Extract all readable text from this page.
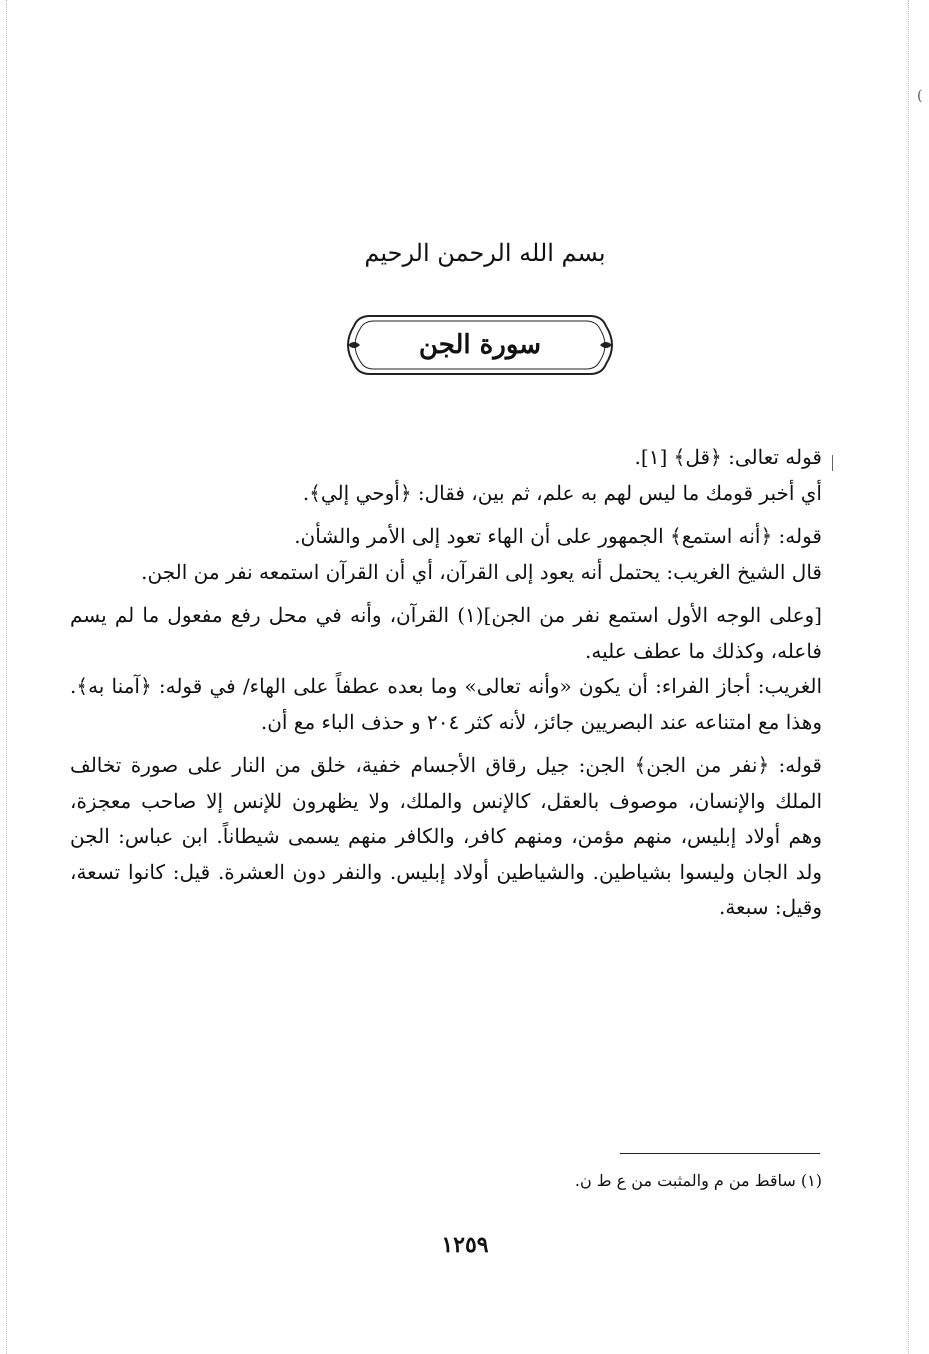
(
بسم الله الرحمن الرحيم
سورة الجن

قوله تعالى: ﴿قل﴾ [١].

أي أخبر قومك ما ليس لهم به علم، ثم بين، فقال: ﴿أوحي إلي﴾.

قوله: ﴿أنه استمع﴾ الجمهور على أن الهاء تعود إلى الأمر والشأن.

قال الشيخ الغريب: يحتمل أنه يعود إلى القرآن، أي أن القرآن استمعه نفر من الجن.

[وعلى الوجه الأول استمع نفر من الجن](١) القرآن، وأنه في محل رفع مفعول ما لم يسم فاعله، وكذلك ما عطف عليه.

الغريب: أجاز الفراء: أن يكون «وأنه تعالى» وما بعده عطفاً على الهاء/ في قوله: ﴿آمنا به﴾. وهذا مع امتناعه عند البصريين جائز، لأنه كثر ٢٠٤ و حذف الباء مع أن.

قوله: ﴿نفر من الجن﴾ الجن: جيل رقاق الأجسام خفية، خلق من النار على صورة تخالف الملك والإنسان، موصوف بالعقل، كالإنس والملك، ولا يظهرون للإنس إلا صاحب معجزة، وهم أولاد إبليس، منهم مؤمن، ومنهم كافر، والكافر منهم يسمى شيطاناً. ابن عباس: الجن ولد الجان وليسوا بشياطين. والشياطين أولاد إبليس. والنفر دون العشرة. قيل: كانوا تسعة، وقيل: سبعة.

(١) ساقط من م والمثبت من ع ط ن.
١٢٥٩
